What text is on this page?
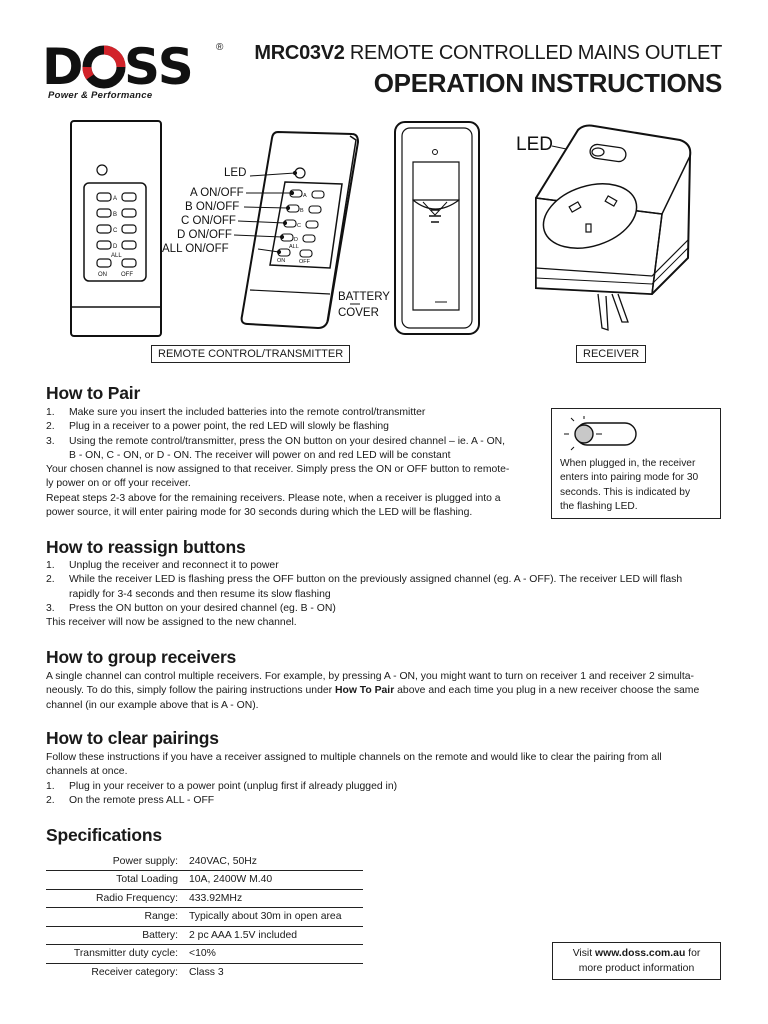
D SS ®
Power & Performance
MRC03V2 REMOTE CONTROLLED MAINS OUTLET
OPERATION INSTRUCTIONS
A
B
C
D
ALL
ON OFF
A
B
C
D
ALL
ON	OFF
LED
A ON/OFF
B ON/OFF
C ON/OFF
D ON/OFF
ALL ON/OFF
BATTERY
COVER
LED
REMOTE CONTROL/TRANSMITTER	RECEIVER
How to Pair
1. Make sure you insert the included batteries into the remote control/transmitter
2. Plug in a receiver to a power point, the red LED will slowly be flashing
3. Using the remote control/transmitter, press the ON button on your desired channel – ie. A - ON,
B - ON, C - ON, or D - ON. The receiver will power on and red LED will be constant

Your chosen channel is now assigned to that receiver. Simply press the ON or OFF button to remote-

ly power on or off your receiver.

Repeat steps 2-3 above for the remaining receivers. Please note, when a receiver is plugged into a

power source, it will enter pairing mode for 30 seconds during which the LED will be flashing.

When plugged in, the receiver
enters into pairing mode for 30
seconds. This is indicated by
the flashing LED.
How to reassign buttons
1. Unplug the receiver and reconnect it to power
2. While the receiver LED is flashing press the OFF button on the previously assigned channel (eg. A - OFF). The receiver LED will flash
rapidly for 3-4 seconds and then resume its slow flashing
3. Press the ON button on your desired channel (eg. B - ON)

This receiver will now be assigned to the new channel.

How to group receivers

A single channel can control multiple receivers. For example, by pressing A - ON, you might want to turn on receiver 1 and receiver 2 simulta-

neously. To do this, simply follow the pairing instructions under How To Pair above and each time you plug in a new receiver choose the same

channel (in our example above that is A - ON).

How to clear pairings

Follow these instructions if you have a receiver assigned to multiple channels on the remote and would like to clear the pairing from all

channels at once.

1. Plug in your receiver to a power point (unplug first if already plugged in)
2. On the remote press ALL - OFF
Specifications
Power supply:	240VAC, 50Hz
Total Loading	10A, 2400W M.40
Radio Frequency:	433.92MHz
Range:	Typically about 30m in open area
Battery:	2 pc AAA 1.5V included
Transmitter duty cycle:	<10%
Receiver category:	Class 3
Visit www.doss.com.au for
more product information
